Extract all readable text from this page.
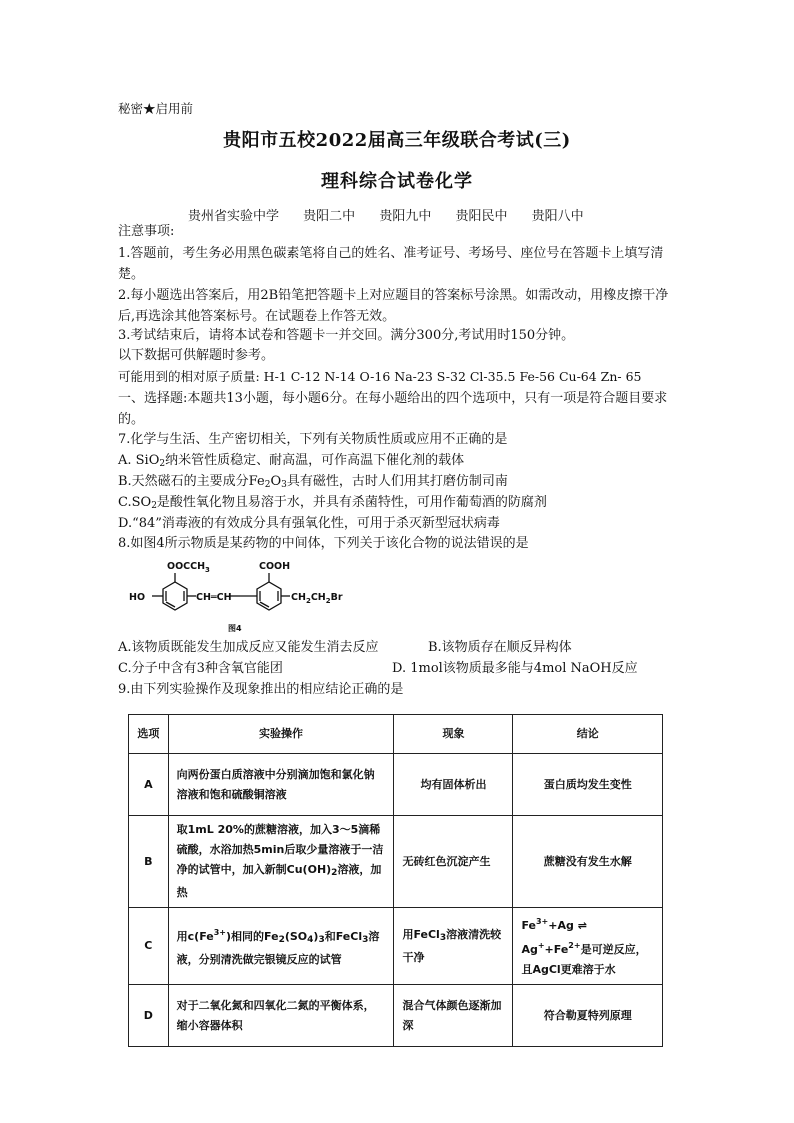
秘密★启用前
贵阳市五校2022届高三年级联合考试(三)
理科综合试卷化学
贵州省实验中学 贵阳二中 贵阳九中 贵阳民中 贵阳八中
注意事项:
1.答题前，考生务必用黑色碳素笔将自己的姓名、准考证号、考场号、座位号在答题卡上填写清楚。
2.每小题选出答案后，用2B铅笔把答题卡上对应题目的答案标号涂黑。如需改动，用橡皮擦干净后,再选涂其他答案标号。在试题卷上作答无效。
3.考试结束后，请将本试卷和答题卡一并交回。满分300分,考试用时150分钟。
以下数据可供解题时参考。
可能用到的相对原子质量: H-1 C-12 N-14 O-16 Na-23 S-32 Cl-35.5 Fe-56 Cu-64 Zn- 65
一、选择题:本题共13小题，每小题6分。在每小题给出的四个选项中，只有一项是符合题目要求的。
7.化学与生活、生产密切相关，下列有关物质性质或应用不正确的是
A. SiO$_2$纳米管性质稳定、耐高温，可作高温下催化剂的载体
B.天然磁石的主要成分$Fe_2O_3$具有磁性，古时人们用其打磨仿制司南
$C.SO_2$是酸性氧化物且易溶于水，并具有杀菌特性，可用作葡萄酒的防腐剂
D.“84”消毒液的有效成分具有强氧化性，可用于杀灭新型冠状病毒
8.如图4所示物质是某药物的中间体，下列关于该化合物的说法错误的是
$OOCCH_3$	COOH
HO	CH═CH	$CH_2CH_2Br$
图4
A.该物质既能发生加成反应又能发生消去反应	B.该物质存在顺反异构体
C.分子中含有3种含氧官能团	D. 1mol该物质最多能与4mol NaOH反应
9.由下列实验操作及现象推出的相应结论正确的是
选项	实验操作	现象	结论
A	向两份蛋白质溶液中分别滴加饱和氯化钠溶液和饱和硫酸铜溶液	均有固体析出	蛋白质均发生变性
B	取1mL 20%的蔗糖溶液，加入3～5滴稀硫酸，水浴加热5min后取少量溶液于一洁净的试管中，加入新制$Cu(OH)_2$溶液，加热	无砖红色沉淀产生	蔗糖没有发生水解
C	用$c(Fe^{3+})$相同的$Fe_2(SO_4)_3$和FeCl$_3$溶液，分别清洗做完银镜反应的试管	用FeCl$_3$溶液清洗较干净	$Fe^{3+}+Ag$ ⇌ $Ag^++Fe^{2+}$是可逆反应，且AgCl更难溶于水
D	对于二氧化氮和四氧化二氮的平衡体系，缩小容器体积	混合气体颜色逐渐加深	符合勒夏特列原理
